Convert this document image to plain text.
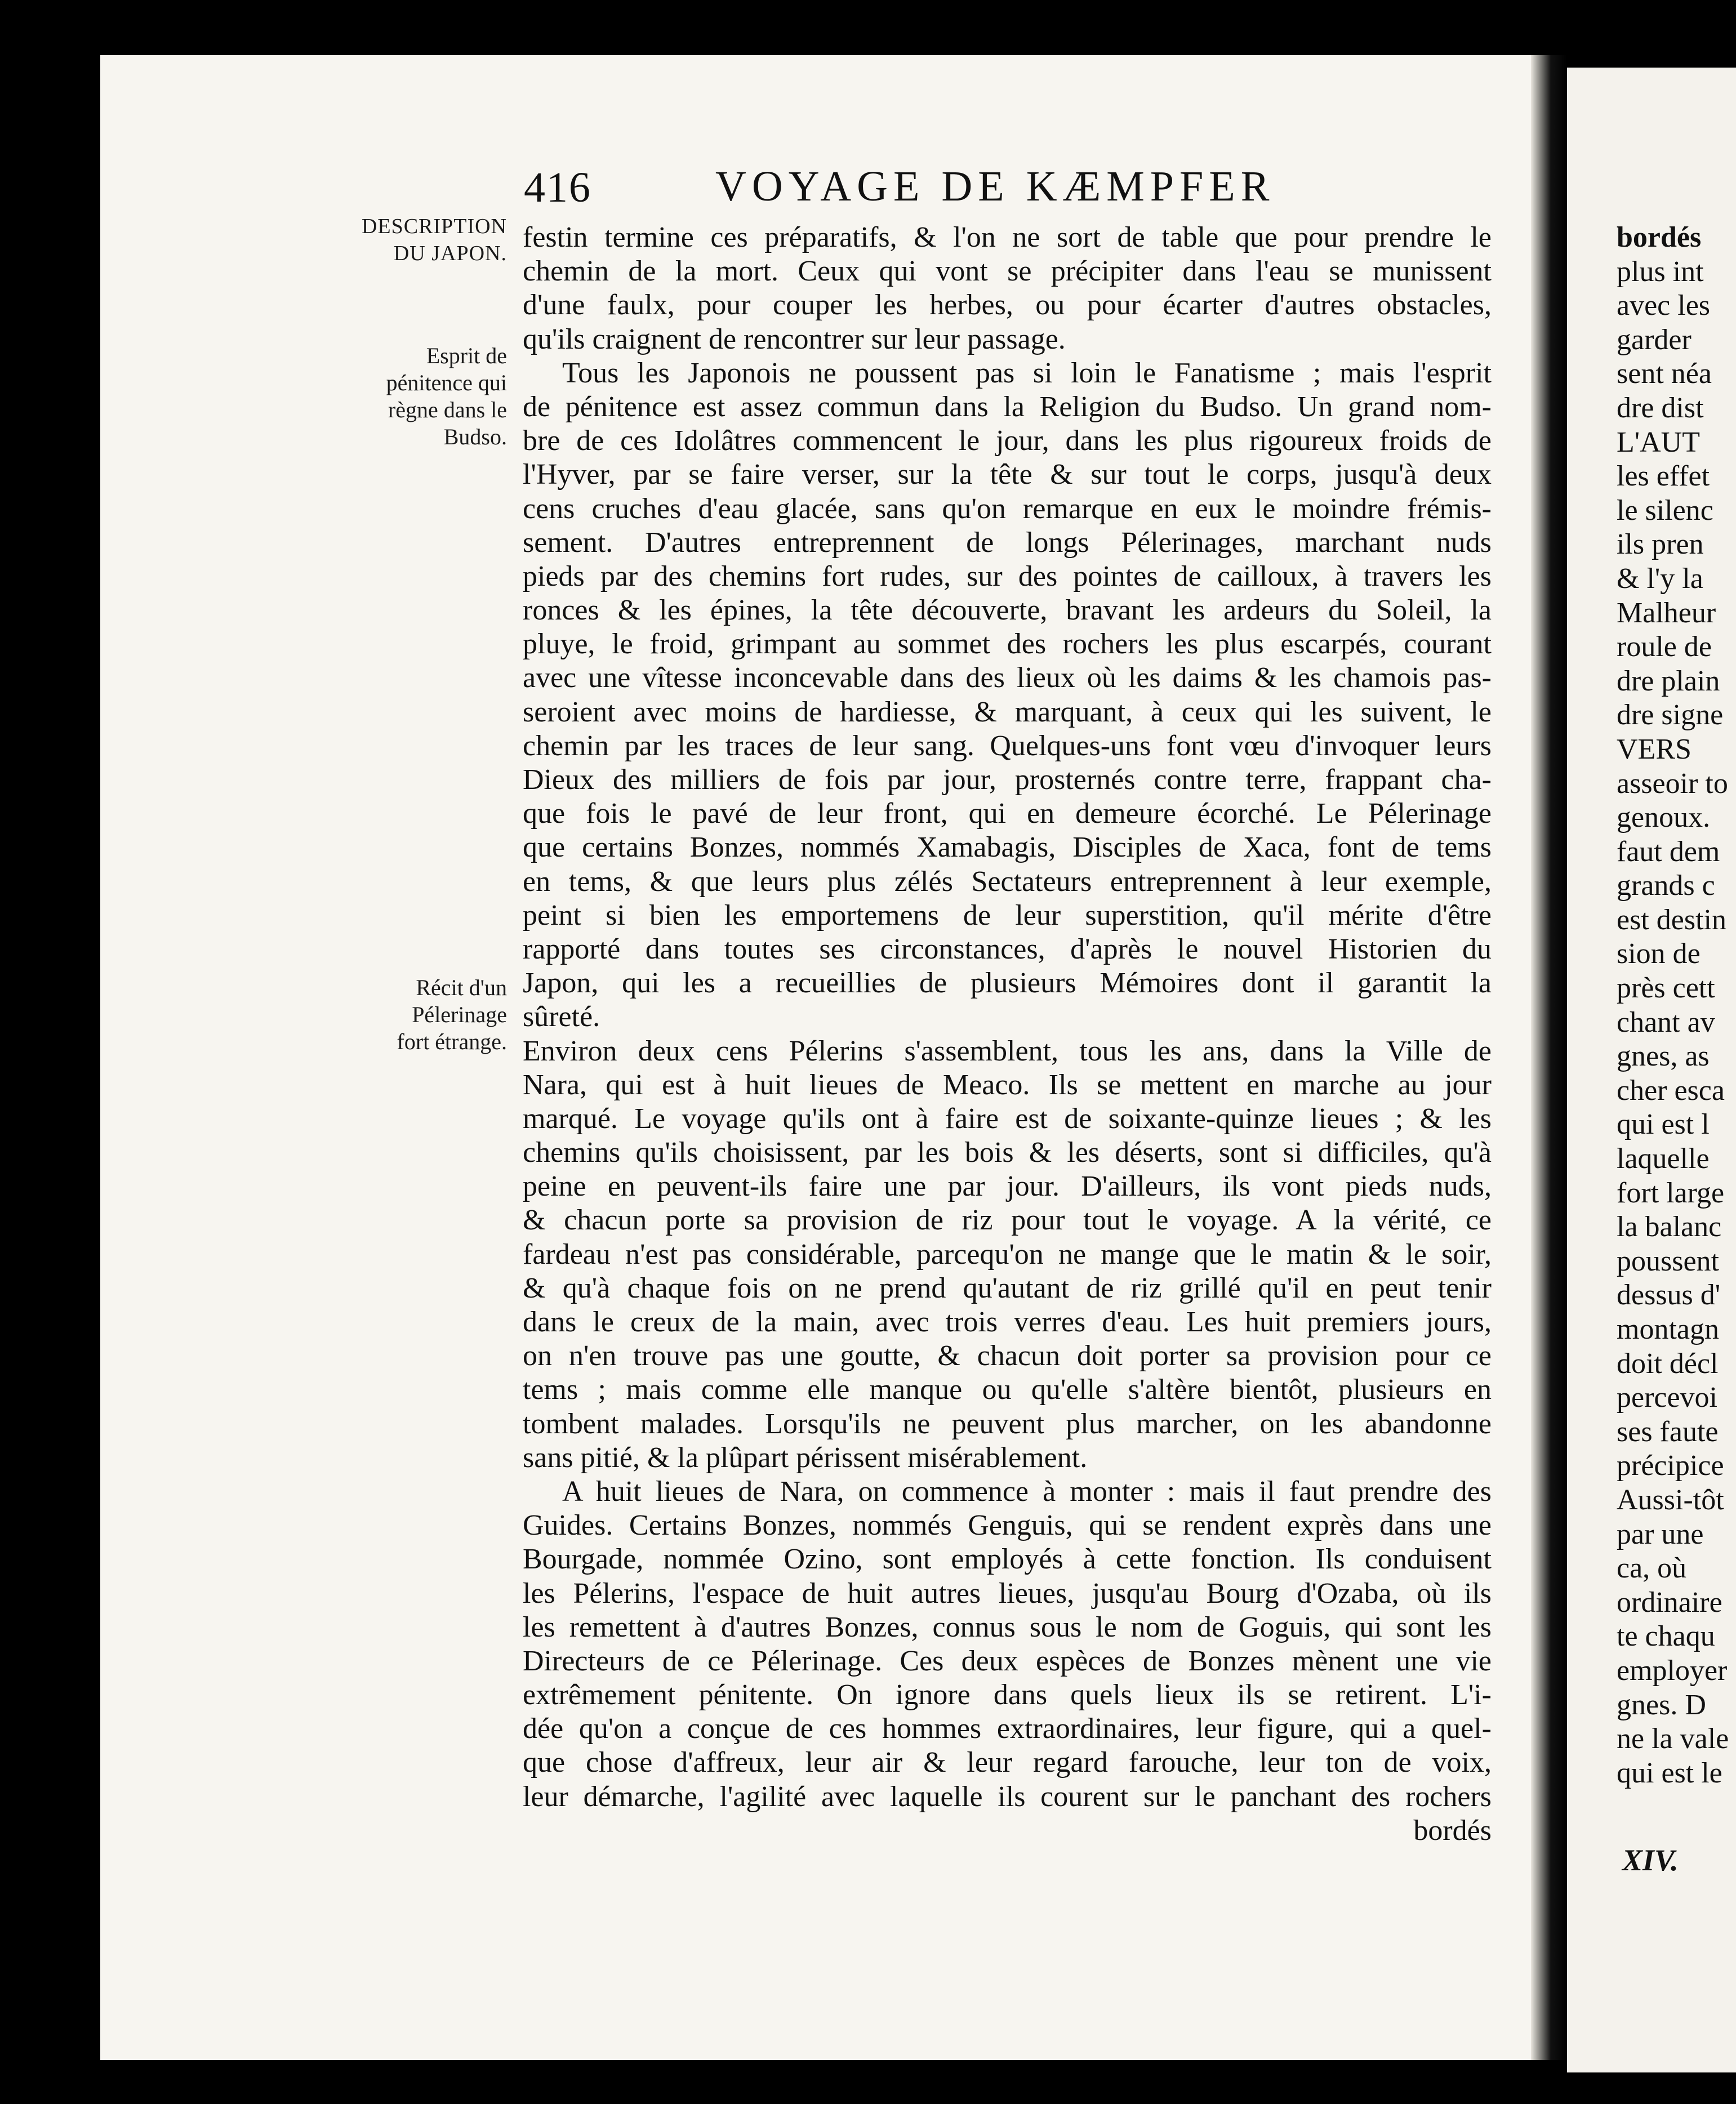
416	VOYAGE DE KÆMPFER
DESCRIPTION
DU JAPON.
Esprit de
pénitence qui
règne dans le
Budso.
Récit d'un
Pélerinage
fort étrange.
festin termine ces préparatifs, & l'on ne sort de table que pour prendre le
chemin de la mort. Ceux qui vont se précipiter dans l'eau se munissent
d'une faulx, pour couper les herbes, ou pour écarter d'autres obstacles,
qu'ils craignent de rencontrer sur leur passage.
Tous les Japonois ne poussent pas si loin le Fanatisme ; mais l'esprit
de pénitence est assez commun dans la Religion du Budso. Un grand nom-
bre de ces Idolâtres commencent le jour, dans les plus rigoureux froids de
l'Hyver, par se faire verser, sur la tête & sur tout le corps, jusqu'à deux
cens cruches d'eau glacée, sans qu'on remarque en eux le moindre frémis-
sement. D'autres entreprennent de longs Pélerinages, marchant nuds
pieds par des chemins fort rudes, sur des pointes de cailloux, à travers les
ronces & les épines, la tête découverte, bravant les ardeurs du Soleil, la
pluye, le froid, grimpant au sommet des rochers les plus escarpés, courant
avec une vîtesse inconcevable dans des lieux où les daims & les chamois pas-
seroient avec moins de hardiesse, & marquant, à ceux qui les suivent, le
chemin par les traces de leur sang. Quelques-uns font vœu d'invoquer leurs
Dieux des milliers de fois par jour, prosternés contre terre, frappant cha-
que fois le pavé de leur front, qui en demeure écorché. Le Pélerinage
que certains Bonzes, nommés Xamabagis, Disciples de Xaca, font de tems
en tems, & que leurs plus zélés Sectateurs entreprennent à leur exemple,
peint si bien les emportemens de leur superstition, qu'il mérite d'être
rapporté dans toutes ses circonstances, d'après le nouvel Historien du
Japon, qui les a recueillies de plusieurs Mémoires dont il garantit la
sûreté.
Environ deux cens Pélerins s'assemblent, tous les ans, dans la Ville de
Nara, qui est à huit lieues de Meaco. Ils se mettent en marche au jour
marqué. Le voyage qu'ils ont à faire est de soixante-quinze lieues ; & les
chemins qu'ils choisissent, par les bois & les déserts, sont si difficiles, qu'à
peine en peuvent-ils faire une par jour. D'ailleurs, ils vont pieds nuds,
& chacun porte sa provision de riz pour tout le voyage. A la vérité, ce
fardeau n'est pas considérable, parcequ'on ne mange que le matin & le soir,
& qu'à chaque fois on ne prend qu'autant de riz grillé qu'il en peut tenir
dans le creux de la main, avec trois verres d'eau. Les huit premiers jours,
on n'en trouve pas une goutte, & chacun doit porter sa provision pour ce
tems ; mais comme elle manque ou qu'elle s'altère bientôt, plusieurs en
tombent malades. Lorsqu'ils ne peuvent plus marcher, on les abandonne
sans pitié, & la plûpart périssent misérablement.
A huit lieues de Nara, on commence à monter : mais il faut prendre des
Guides. Certains Bonzes, nommés Genguis, qui se rendent exprès dans une
Bourgade, nommée Ozino, sont employés à cette fonction. Ils conduisent
les Pélerins, l'espace de huit autres lieues, jusqu'au Bourg d'Ozaba, où ils
les remettent à d'autres Bonzes, connus sous le nom de Goguis, qui sont les
Directeurs de ce Pélerinage. Ces deux espèces de Bonzes mènent une vie
extrêmement pénitente. On ignore dans quels lieux ils se retirent. L'i-
dée qu'on a conçue de ces hommes extraordinaires, leur figure, qui a quel-
que chose d'affreux, leur air & leur regard farouche, leur ton de voix,
leur démarche, l'agilité avec laquelle ils courent sur le panchant des rochers
bordés
bordés
plus int
avec les
garder
sent néa
dre dist
L'AUT
les effet
le silenc
ils pren
& l'y la
Malheur
roule de
dre plain
dre signe
VERS
asseoir to
genoux.
faut dem
grands c
est destin
sion de
près cett
chant av
gnes, as
cher esca
qui est l
laquelle
fort large
la balanc
poussent
dessus d'
montagn
doit décl
percevoi
ses faute
précipice
Aussi-tôt
par une
ca, où
ordinaire
te chaqu
employer
gnes. D
ne la vale
qui est le
XIV.
